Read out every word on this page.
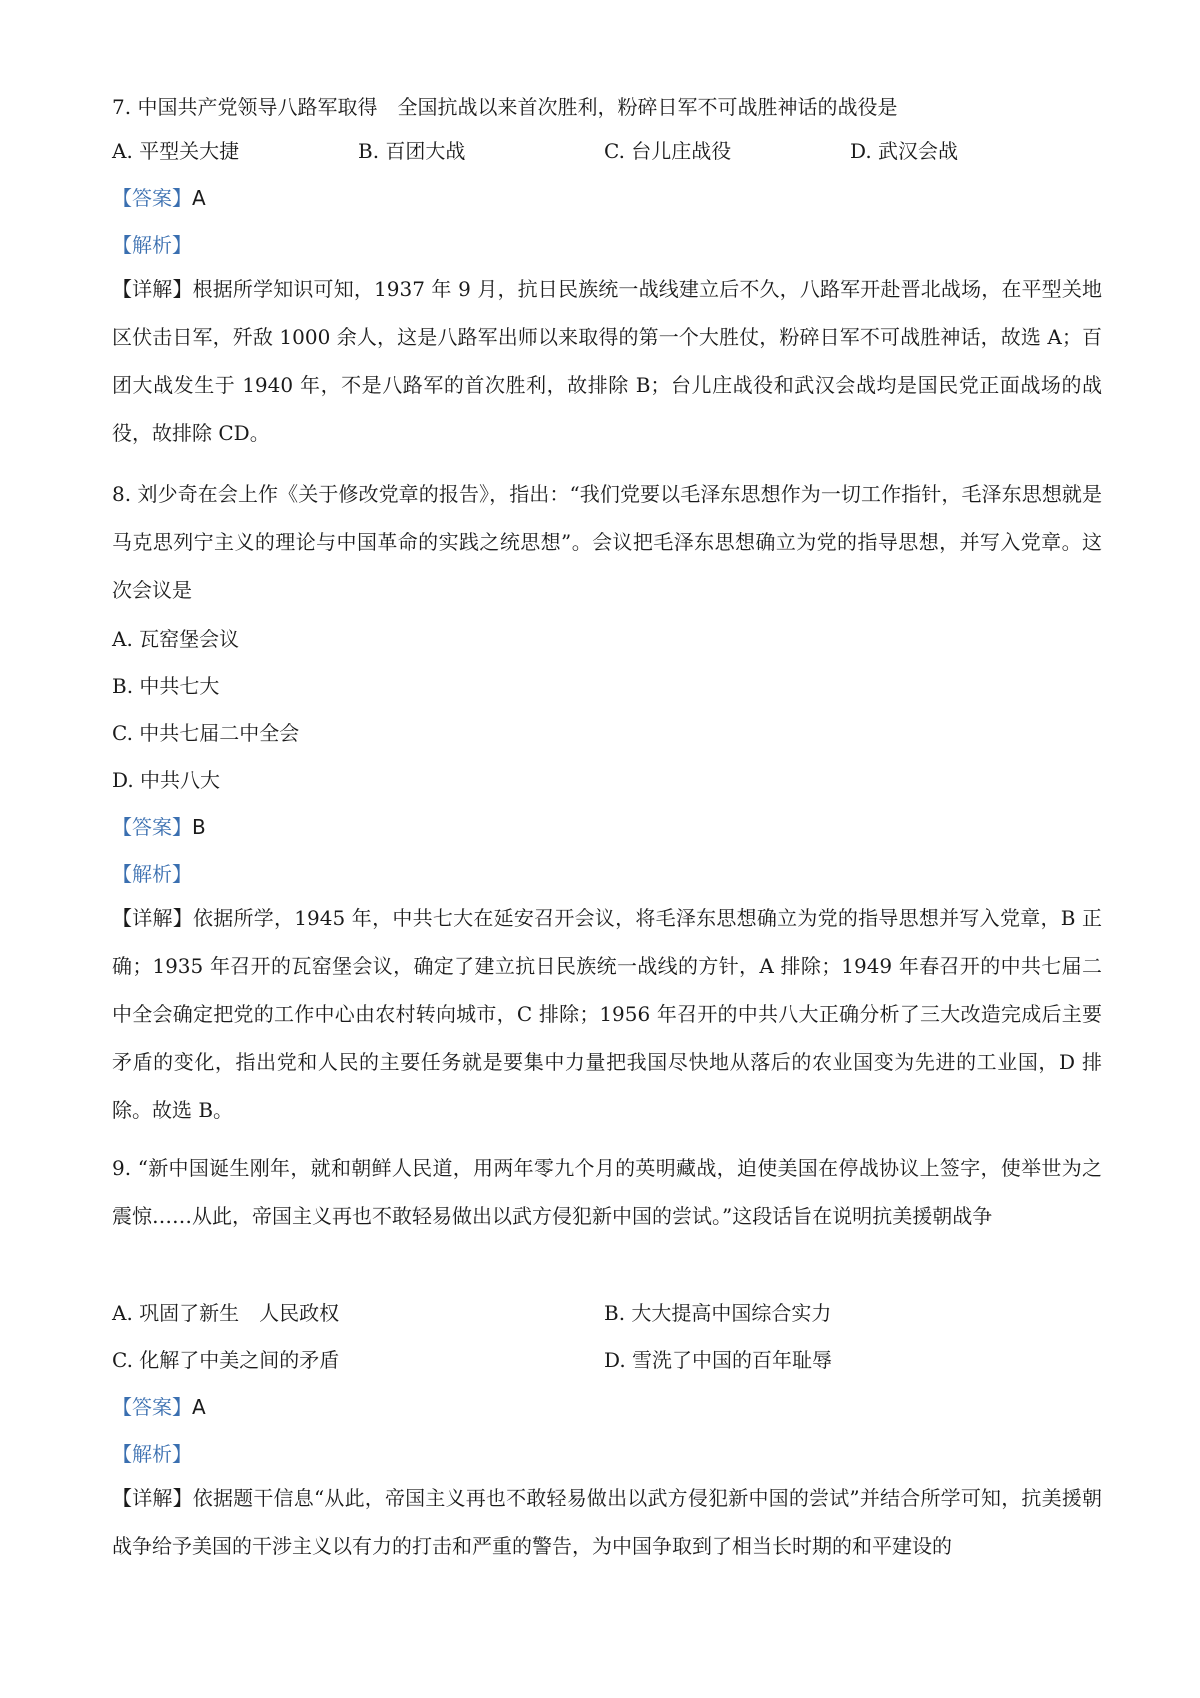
7. 中国共产党领导八路军取得　全国抗战以来首次胜利，粉碎日军不可战胜神话的战役是
A. 平型关大捷	B. 百团大战	C. 台儿庄战役	D. 武汉会战
【答案】A
【解析】

【详解】根据所学知识可知，1937 年 9 月，抗日民族统一战线建立后不久，八路军开赴晋北战场，在平型关地区伏击日军，歼敌 1000 余人，这是八路军出师以来取得的第一个大胜仗，粉碎日军不可战胜神话，故选 A；百团大战发生于 1940 年，不是八路军的首次胜利，故排除 B；台儿庄战役和武汉会战均是国民党正面战场的战役，故排除 CD。

8. 刘少奇在会上作《关于修改党章的报告》，指出：“我们党要以毛泽东思想作为一切工作指针，毛泽东思想就是马克思列宁主义的理论与中国革命的实践之统思想”。会议把毛泽东思想确立为党的指导思想，并写入党章。这次会议是
A. 瓦窑堡会议
B. 中共七大
C. 中共七届二中全会
D. 中共八大
【答案】B
【解析】

【详解】依据所学，1945 年，中共七大在延安召开会议，将毛泽东思想确立为党的指导思想并写入党章，B 正确；1935 年召开的瓦窑堡会议，确定了建立抗日民族统一战线的方针，A 排除；1949 年春召开的中共七届二中全会确定把党的工作中心由农村转向城市，C 排除；1956 年召开的中共八大正确分析了三大改造完成后主要矛盾的变化，指出党和人民的主要任务就是要集中力量把我国尽快地从落后的农业国变为先进的工业国，D 排除。故选 B。

9. “新中国诞生刚年，就和朝鲜人民道，用两年零九个月的英明藏战，迫使美国在停战协议上签字，使举世为之震惊……从此，帝国主义再也不敢轻易做出以武方侵犯新中国的尝试。”这段话旨在说明抗美援朝战争
A. 巩固了新生　人民政权	B. 大大提高中国综合实力
C. 化解了中美之间的矛盾	D. 雪洗了中国的百年耻辱
【答案】A
【解析】

【详解】依据题干信息“从此，帝国主义再也不敢轻易做出以武方侵犯新中国的尝试”并结合所学可知，抗美援朝战争给予美国的干涉主义以有力的打击和严重的警告，为中国争取到了相当长时期的和平建设的
